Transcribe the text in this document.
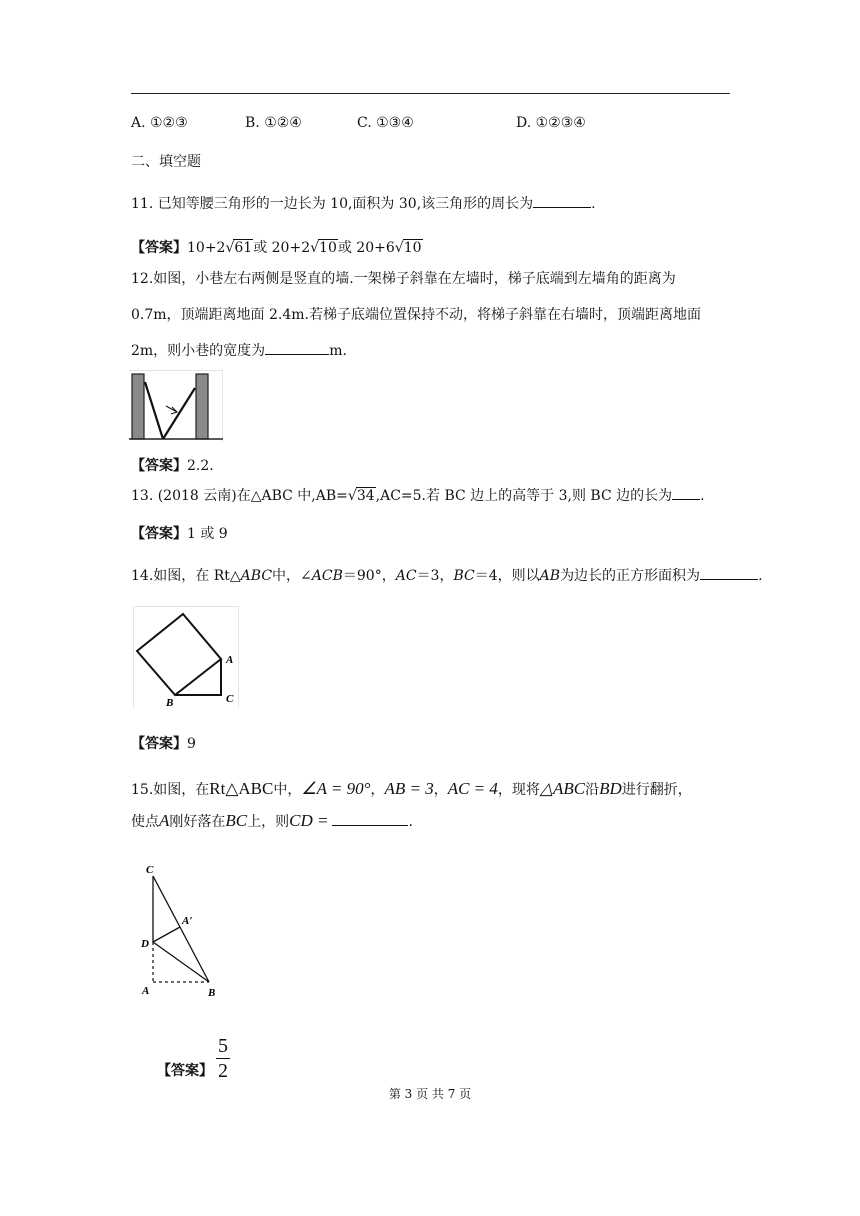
A. ①②③	B. ①②④	C. ①③④	D. ①②③④
二、填空题
11. 已知等腰三角形的一边长为 10,面积为 30,该三角形的周长为	.
【答案】10+2√61或 20+2√10或 20+6√10
12.如图，小巷左右两侧是竖直的墙.一架梯子斜靠在左墙时，梯子底端到左墙角的距离为
0.7m，顶端距离地面 2.4m.若梯子底端位置保持不动，将梯子斜靠在右墙时，顶端距离地面
2m，则小巷的宽度为	m.
【答案】2.2.
13. (2018 云南)在△ABC 中,AB=√34,AC=5.若 BC 边上的高等于 3,则 BC 边的长为 .
【答案】1 或 9
14.如图，在 Rt△ABC中，∠ACB＝90°，AC＝3，BC＝4，则以AB为边长的正方形面积为	.
A
B	C
【答案】9
15.如图，在Rt△ABC中，∠A = 90°，AB = 3，AC = 4，现将△ABC沿BD进行翻折，
使点A刚好落在BC上，则CD =	.
C
A′
D
A	B
【答案】
5
2
第 3 页 共 7 页
